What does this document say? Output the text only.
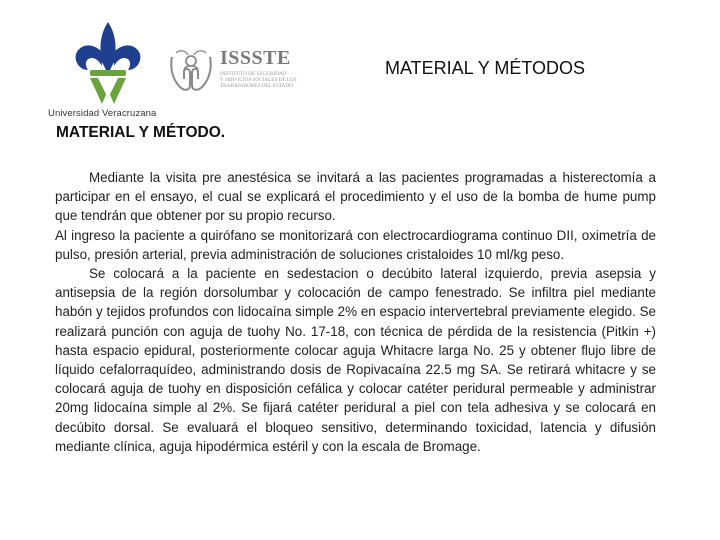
Universidad Veracruzana
ISSSTE
INSTITUTO DE SEGURIDAD
Y SERVICIOS SOCIALES DE LOS
TRABAJADORES DEL ESTADO
MATERIAL Y MÉTODOS
MATERIAL Y MÉTODO.

Mediante la visita pre anestésica se invitará a las pacientes programadas a histerectomía a participar en el ensayo, el cual se explicará el procedimiento y el uso de la bomba de hume pump que tendrán que obtener por su propio recurso.

Al ingreso la paciente a quirófano se monitorizará con electrocardiograma continuo DII, oximetría de pulso, presión arterial, previa administración de soluciones cristaloides 10 ml/kg peso.

Se colocará a la paciente en sedestacion o decúbito lateral izquierdo, previa asepsia y antisepsia de la región dorsolumbar y colocación de campo fenestrado. Se infiltra piel mediante habón y tejidos profundos con lidocaína simple 2% en espacio intervertebral previamente elegido. Se realizará punción con aguja de tuohy No. 17-18, con técnica de pérdida de la resistencia (Pitkin +) hasta espacio epidural, posteriormente colocar aguja Whitacre larga No. 25 y obtener flujo libre de líquido cefalorraquídeo, administrando dosis de Ropivacaína 22.5 mg SA. Se retirará whitacre y se colocará aguja de tuohy en disposición cefálica y colocar catéter peridural permeable y administrar 20mg lidocaína simple al 2%. Se fijará catéter peridural a piel con tela adhesiva y se colocará en decúbito dorsal. Se evaluará el bloqueo sensitivo, determinando toxicidad, latencia y difusión mediante clínica, aguja hipodérmica estéril y con la escala de Bromage.
